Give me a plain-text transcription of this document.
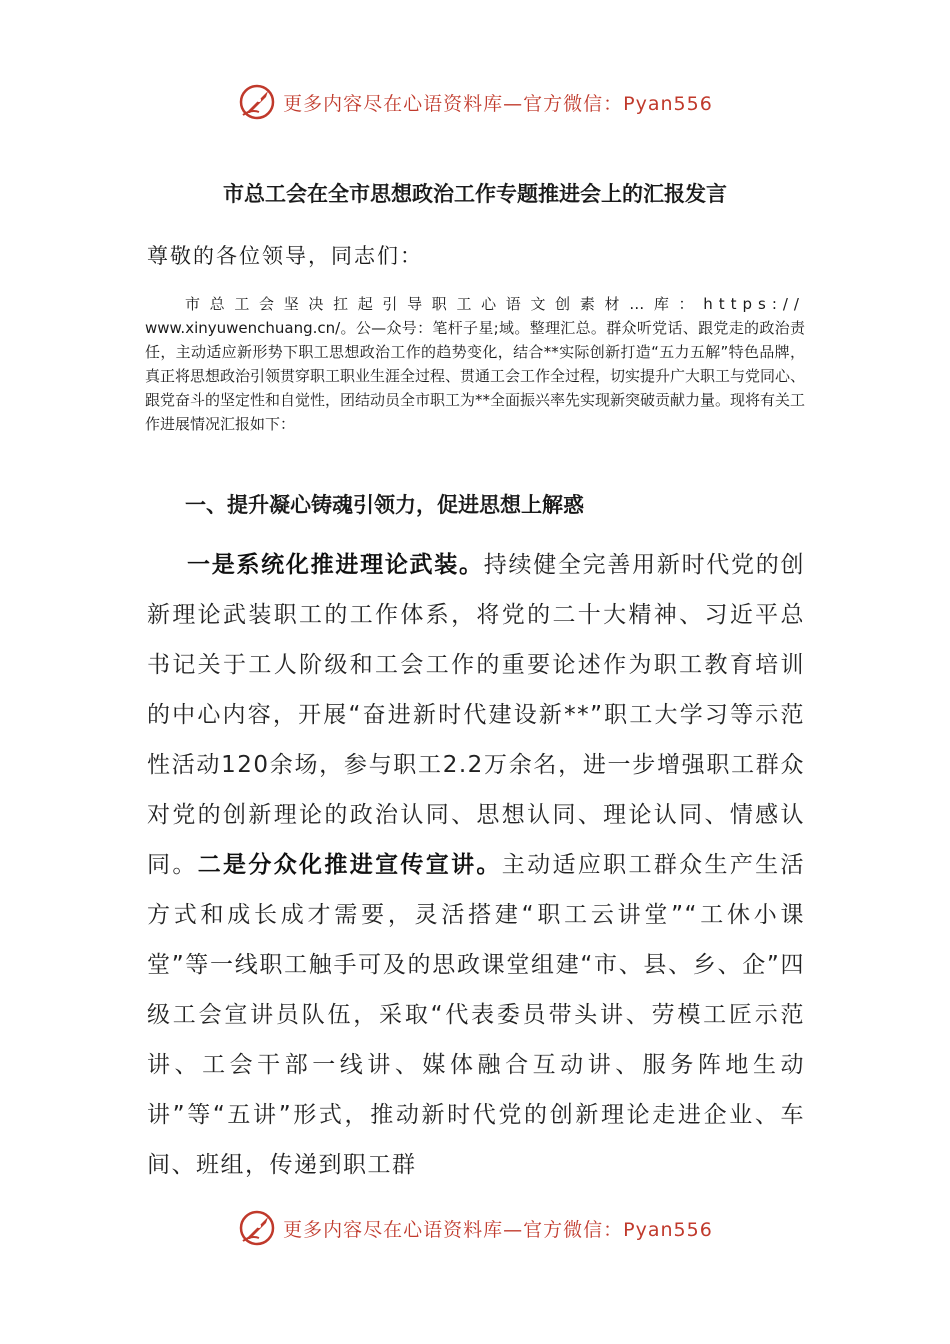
更多内容尽在心语资料库—官方微信：Pyan556
市总工会在全市思想政治工作专题推进会上的汇报发言
尊敬的各位领导，同志们：

市总工会坚决扛起引导职工心语文创素材…库：https://
www.xinyuwenchuang.cn/。公—众号：笔杆子星;域。整理汇总。群众听党话、跟党走的政治责任，主动适应新形势下职工思想政治工作的趋势变化，结合**实际创新打造“五力五解”特色品牌，真正将思想政治引领贯穿职工职业生涯全过程、贯通工会工作全过程，切实提升广大职工与党同心、跟党奋斗的坚定性和自觉性，团结动员全市职工为**全面振兴率先实现新突破贡献力量。现将有关工作进展情况汇报如下：

一、提升凝心铸魂引领力，促进思想上解惑

一是系统化推进理论武装。持续健全完善用新时代党的创新理论武装职工的工作体系，将党的二十大精神、习近平总书记关于工人阶级和工会工作的重要论述作为职工教育培训的中心内容，开展“奋进新时代建设新**”职工大学习等示范性活动120余场，参与职工2.2万余名，进一步增强职工群众对党的创新理论的政治认同、思想认同、理论认同、情感认同。二是分众化推进宣传宣讲。主动适应职工群众生产生活方式和成长成才需要，灵活搭建“职工云讲堂”“工休小课堂”等一线职工触手可及的思政课堂组建“市、县、乡、企”四级工会宣讲员队伍，采取“代表委员带头讲、劳模工匠示范讲、工会干部一线讲、媒体融合互动讲、服务阵地生动讲”等“五讲”形式，推动新时代党的创新理论走进企业、车间、班组，传递到职工群

更多内容尽在心语资料库—官方微信：Pyan556
